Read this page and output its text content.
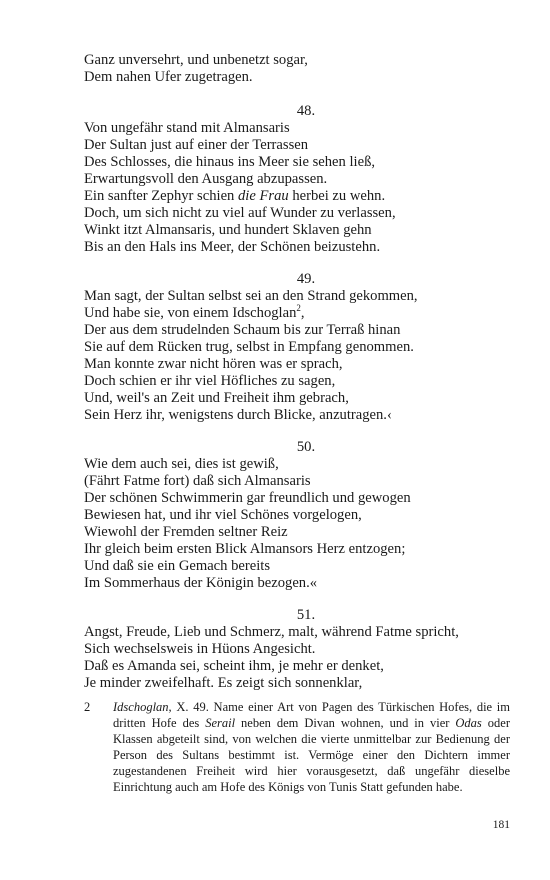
Ganz unversehrt, und unbenetzt sogar,
Dem nahen Ufer zugetragen.
48.
Von ungefähr stand mit Almansaris
Der Sultan just auf einer der Terrassen
Des Schlosses, die hinaus ins Meer sie sehen ließ,
Erwartungsvoll den Ausgang abzupassen.
Ein sanfter Zephyr schien die Frau herbei zu wehn.
Doch, um sich nicht zu viel auf Wunder zu verlassen,
Winkt itzt Almansaris, und hundert Sklaven gehn
Bis an den Hals ins Meer, der Schönen beizustehn.
49.
Man sagt, der Sultan selbst sei an den Strand gekommen,
Und habe sie, von einem Idschoglan$^2$,
Der aus dem strudelnden Schaum bis zur Terraß hinan
Sie auf dem Rücken trug, selbst in Empfang genommen.
Man konnte zwar nicht hören was er sprach,
Doch schien er ihr viel Höfliches zu sagen,
Und, weil's an Zeit und Freiheit ihm gebrach,
Sein Herz ihr, wenigstens durch Blicke, anzutragen.‹
50.
Wie dem auch sei, dies ist gewiß,
(Fährt Fatme fort) daß sich Almansaris
Der schönen Schwimmerin gar freundlich und gewogen
Bewiesen hat, und ihr viel Schönes vorgelogen,
Wiewohl der Fremden seltner Reiz
Ihr gleich beim ersten Blick Almansors Herz entzogen;
Und daß sie ein Gemach bereits
Im Sommerhaus der Königin bezogen.«
51.
Angst, Freude, Lieb und Schmerz, malt, während Fatme spricht,
Sich wechselsweis in Hüons Angesicht.
Daß es Amanda sei, scheint ihm, je mehr er denket,
Je minder zweifelhaft. Es zeigt sich sonnenklar,
2 Idschoglan, X. 49. Name einer Art von Pagen des Türkischen Hofes, die im dritten Hofe des Serail neben dem Divan wohnen, und in vier Odas oder Klassen abgeteilt sind, von welchen die vierte unmittelbar zur Bedienung der Person des Sultans bestimmt ist. Vermöge einer den Dichtern immer zugestandenen Freiheit wird hier vorausgesetzt, daß ungefähr dieselbe Einrichtung auch am Hofe des Königs von Tunis Statt gefunden habe.
181
